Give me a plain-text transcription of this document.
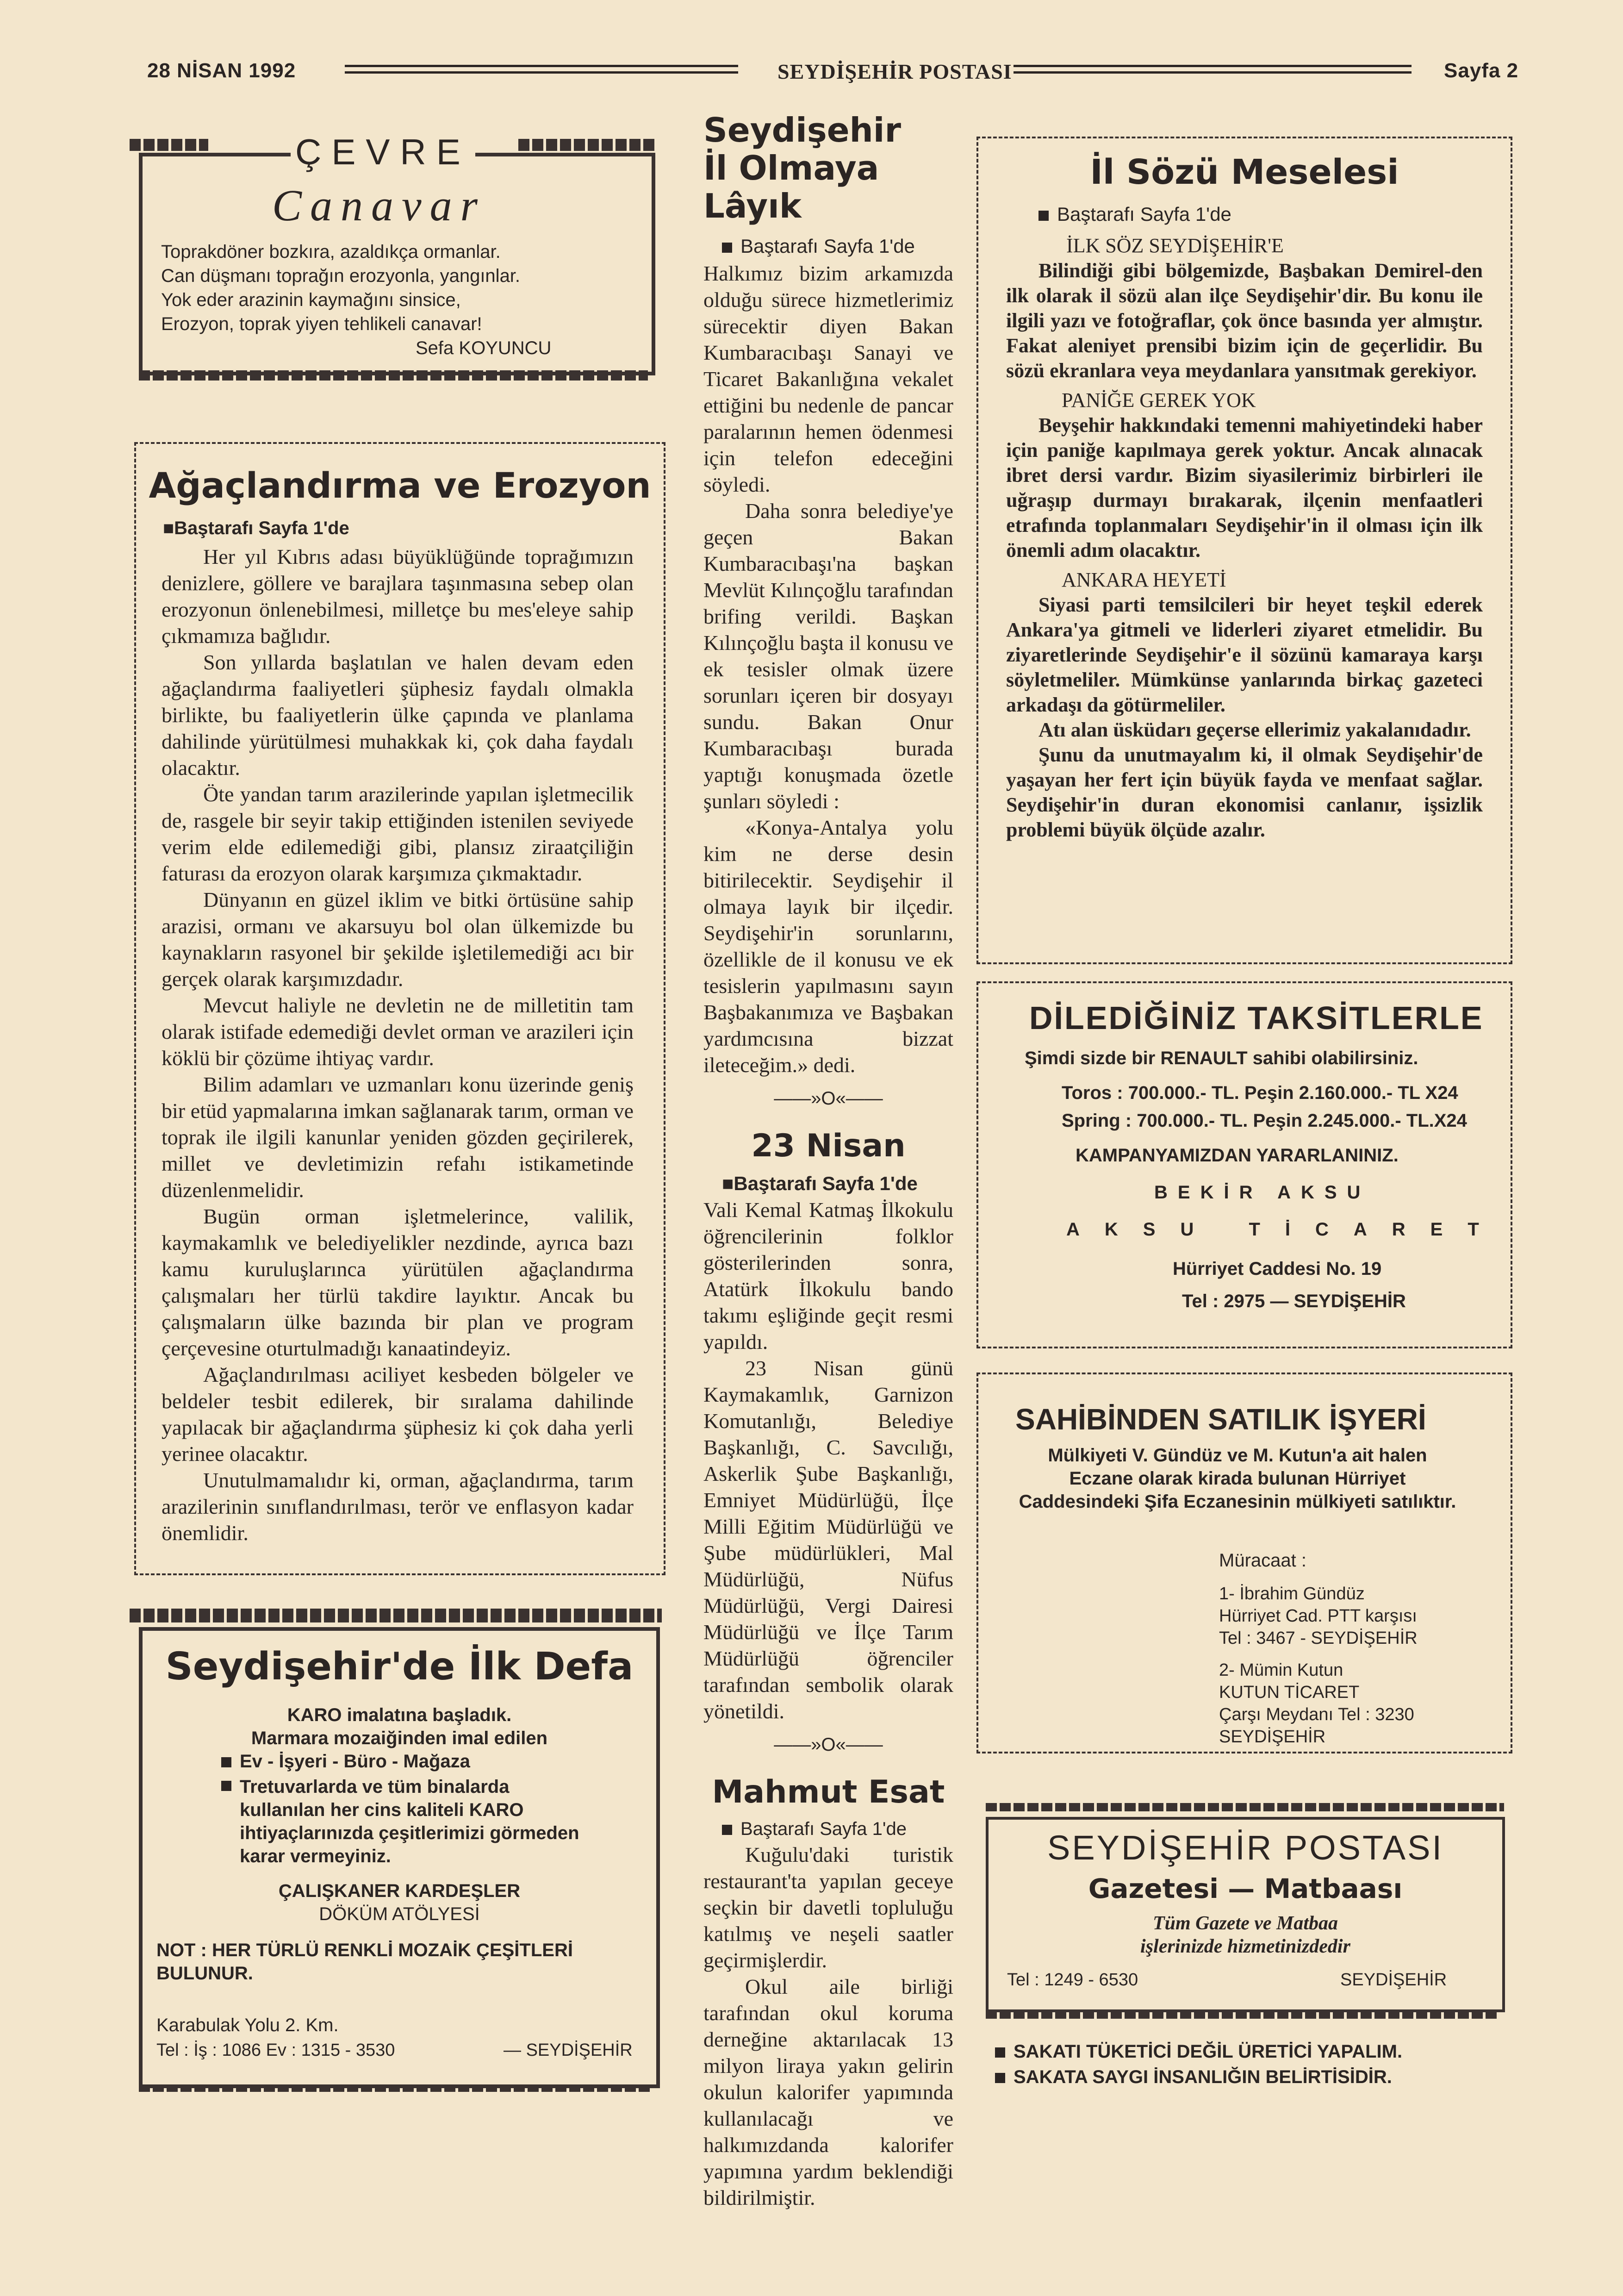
28 NİSAN 1992	SEYDİŞEHİR POSTASI	Sayfa 2
ÇEVRE
Canavar
Toprakdöner bozkıra, azaldıkça ormanlar.
Can düşmanı toprağın erozyonla, yangınlar.
Yok eder arazinin kaymağını sinsice,
Erozyon, toprak yiyen tehlikeli canavar!
Sefa KOYUNCU
Ağaçlandırma ve Erozyon
■Baştarafı Sayfa 1'de

Her yıl Kıbrıs adası büyüklüğünde toprağımızın denizlere, göllere ve barajlara taşınmasına sebep olan erozyonun önlenebilmesi, milletçe bu mes'eleye sahip çıkmamıza bağlıdır.

Son yıllarda başlatılan ve halen devam eden ağaçlandırma faaliyetleri şüphesiz faydalı olmakla birlikte, bu faaliyetlerin ülke çapında ve planlama dahilinde yürütülmesi muhakkak ki, çok daha faydalı olacaktır.

Öte yandan tarım arazilerinde yapılan işletmecilik de, rasgele bir seyir takip ettiğinden istenilen seviyede verim elde edilemediği gibi, plansız ziraatçiliğin faturası da erozyon olarak karşımıza çıkmaktadır.

Dünyanın en güzel iklim ve bitki örtüsüne sahip arazisi, ormanı ve akarsuyu bol olan ülkemizde bu kaynakların rasyonel bir şekilde işletilemediği acı bir gerçek olarak karşımızdadır.

Mevcut haliyle ne devletin ne de milletitin tam olarak istifade edemediği devlet orman ve arazileri için köklü bir çözüme ihtiyaç vardır.

Bilim adamları ve uzmanları konu üzerinde geniş bir etüd yapmalarına imkan sağlanarak tarım, orman ve toprak ile ilgili kanunlar yeniden gözden geçirilerek, millet ve devletimizin refahı istikametinde düzenlenmelidir.

Bugün orman işletmelerince, valilik, kaymakamlık ve belediyelikler nezdinde, ayrıca bazı kamu kuruluşlarınca yürütülen ağaçlandırma çalışmaları her türlü takdire layıktır. Ancak bu çalışmaların ülke bazında bir plan ve program çerçevesine oturtulmadığı kanaatindeyiz.

Ağaçlandırılması aciliyet kesbeden bölgeler ve beldeler tesbit edilerek, bir sıralama dahilinde yapılacak bir ağaçlandırma şüphesiz ki çok daha yerli yerinee olacaktır.

Unutulmamalıdır ki, orman, ağaçlandırma, tarım arazilerinin sınıflandırılması, terör ve enflasyon kadar önemlidir.

Seydişehir'de İlk Defa
KARO imalatına başladık.
Marmara mozaiğinden imal edilen
Ev - İşyeri - Büro - Mağaza
Tretuvarlarda ve tüm binalarda kullanılan her cins kaliteli KARO ihtiyaçlarınızda çeşitlerimizi görmeden karar vermeyiniz.
ÇALIŞKANER KARDEŞLER
DÖKÜM ATÖLYESİ
NOT : HER TÜRLÜ RENKLİ MOZAİK ÇEŞİTLERİ BULUNUR.
Karabulak Yolu 2. Km.
Tel : İş : 1086 Ev : 1315 - 3530	— SEYDİŞEHİR
Seydişehir
İl Olmaya Lâyık
Baştarafı Sayfa 1'de

Halkımız bizim arkamızda olduğu sürece hizmetlerimiz sürecektir diyen Bakan Kumbaracıbaşı Sanayi ve Ticaret Bakanlığına vekalet ettiğini bu nedenle de pancar paralarının hemen ödenmesi için telefon edeceğini söyledi.

Daha sonra belediye'ye geçen Bakan Kumbaracıbaşı'na başkan Mevlüt Kılınçoğlu tarafından brifing verildi. Başkan Kılınçoğlu başta il konusu ve ek tesisler olmak üzere sorunları içeren bir dosyayı sundu. Bakan Onur Kumbaracıbaşı burada yaptığı konuşmada özetle şunları söyledi :

«Konya-Antalya yolu kim ne derse desin bitirilecektir. Seydişehir il olmaya layık bir ilçedir. Seydişehir'in sorunlarını, özellikle de il konusu ve ek tesislerin yapılmasını sayın Başbakanımıza ve Başbakan yardımcısına bizzat ileteceğim.» dedi.

——»O«——
23 Nisan
■Baştarafı Sayfa 1'de

Vali Kemal Katmaş İlkokulu öğrencilerinin folklor gösterilerinden sonra, Atatürk İlkokulu bando takımı eşliğinde geçit resmi yapıldı.

23 Nisan günü Kaymakamlık, Garnizon Komutanlığı, Belediye Başkanlığı, C. Savcılığı, Askerlik Şube Başkanlığı, Emniyet Müdürlüğü, İlçe Milli Eğitim Müdürlüğü ve Şube müdürlükleri, Mal Müdürlüğü, Nüfus Müdürlüğü, Vergi Dairesi Müdürlüğü ve İlçe Tarım Müdürlüğü öğrenciler tarafından sembolik olarak yönetildi.

——»O«——
Mahmut Esat
Baştarafı Sayfa 1'de

Kuğulu'daki turistik restaurant'ta yapılan geceye seçkin bir davetli topluluğu katılmış ve neşeli saatler geçirmişlerdir.

Okul aile birliği tarafından okul koruma derneğine aktarılacak 13 milyon liraya yakın gelirin okulun kalorifer yapımında kullanılacağı ve halkımızdanda kalorifer yapımına yardım beklendiği bildirilmiştir.

İl Sözü Meselesi
Baştarafı Sayfa 1'de
İLK SÖZ SEYDİŞEHİR'E

Bilindiği gibi bölgemizde, Başbakan Demirel-den ilk olarak il sözü alan ilçe Seydişehir'dir. Bu konu ile ilgili yazı ve fotoğraflar, çok önce basında yer almıştır. Fakat aleniyet prensibi bizim için de geçerlidir. Bu sözü ekranlara veya meydanlara yansıtmak gerekiyor.

PANİĞE GEREK YOK

Beyşehir hakkındaki temenni mahiyetindeki haber için paniğe kapılmaya gerek yoktur. Ancak alınacak ibret dersi vardır. Bizim siyasilerimiz birbirleri ile uğraşıp durmayı bırakarak, ilçenin menfaatleri etrafında toplanmaları Seydişehir'in il olması için ilk önemli adım olacaktır.

ANKARA HEYETİ

Siyasi parti temsilcileri bir heyet teşkil ederek Ankara'ya gitmeli ve liderleri ziyaret etmelidir. Bu ziyaretlerinde Seydişehir'e il sözünü kamaraya karşı söyletmeliler. Mümkünse yanlarında birkaç gazeteci arkadaşı da götürmeliler.

Atı alan üsküdarı geçerse ellerimiz yakalanıdadır.

Şunu da unutmayalım ki, il olmak Seydişehir'de yaşayan her fert için büyük fayda ve menfaat sağlar. Seydişehir'in duran ekonomisi canlanır, işsizlik problemi büyük ölçüde azalır.

DİLEDİĞİNİZ TAKSİTLERLE
Şimdi sizde bir RENAULT sahibi olabilirsiniz.
Toros : 700.000.- TL. Peşin 2.160.000.- TL X24
Spring : 700.000.- TL. Peşin 2.245.000.- TL.X24
KAMPANYAMIZDAN YARARLANINIZ.
BEKİR AKSU
AKSU TİCARET
Hürriyet Caddesi No. 19
Tel : 2975 — SEYDİŞEHİR
SAHİBİNDEN SATILIK İŞYERİ
Mülkiyeti V. Gündüz ve M. Kutun'a ait halen Eczane olarak kirada bulunan Hürriyet Caddesindeki Şifa Eczanesinin mülkiyeti satılıktır.
Müracaat :
1- İbrahim Gündüz
Hürriyet Cad. PTT karşısı
Tel : 3467 - SEYDİŞEHİR
2- Mümin Kutun
KUTUN TİCARET
Çarşı Meydanı Tel : 3230
SEYDİŞEHİR
SEYDİŞEHİR POSTASI
Gazetesi — Matbaası
Tüm Gazete ve Matbaa
işlerinizde hizmetinizdedir
Tel : 1249 - 6530	SEYDİŞEHİR
SAKATI TÜKETİCİ DEĞİL ÜRETİCİ YAPALIM.
SAKATA SAYGI İNSANLIĞIN BELİRTİSİDİR.
